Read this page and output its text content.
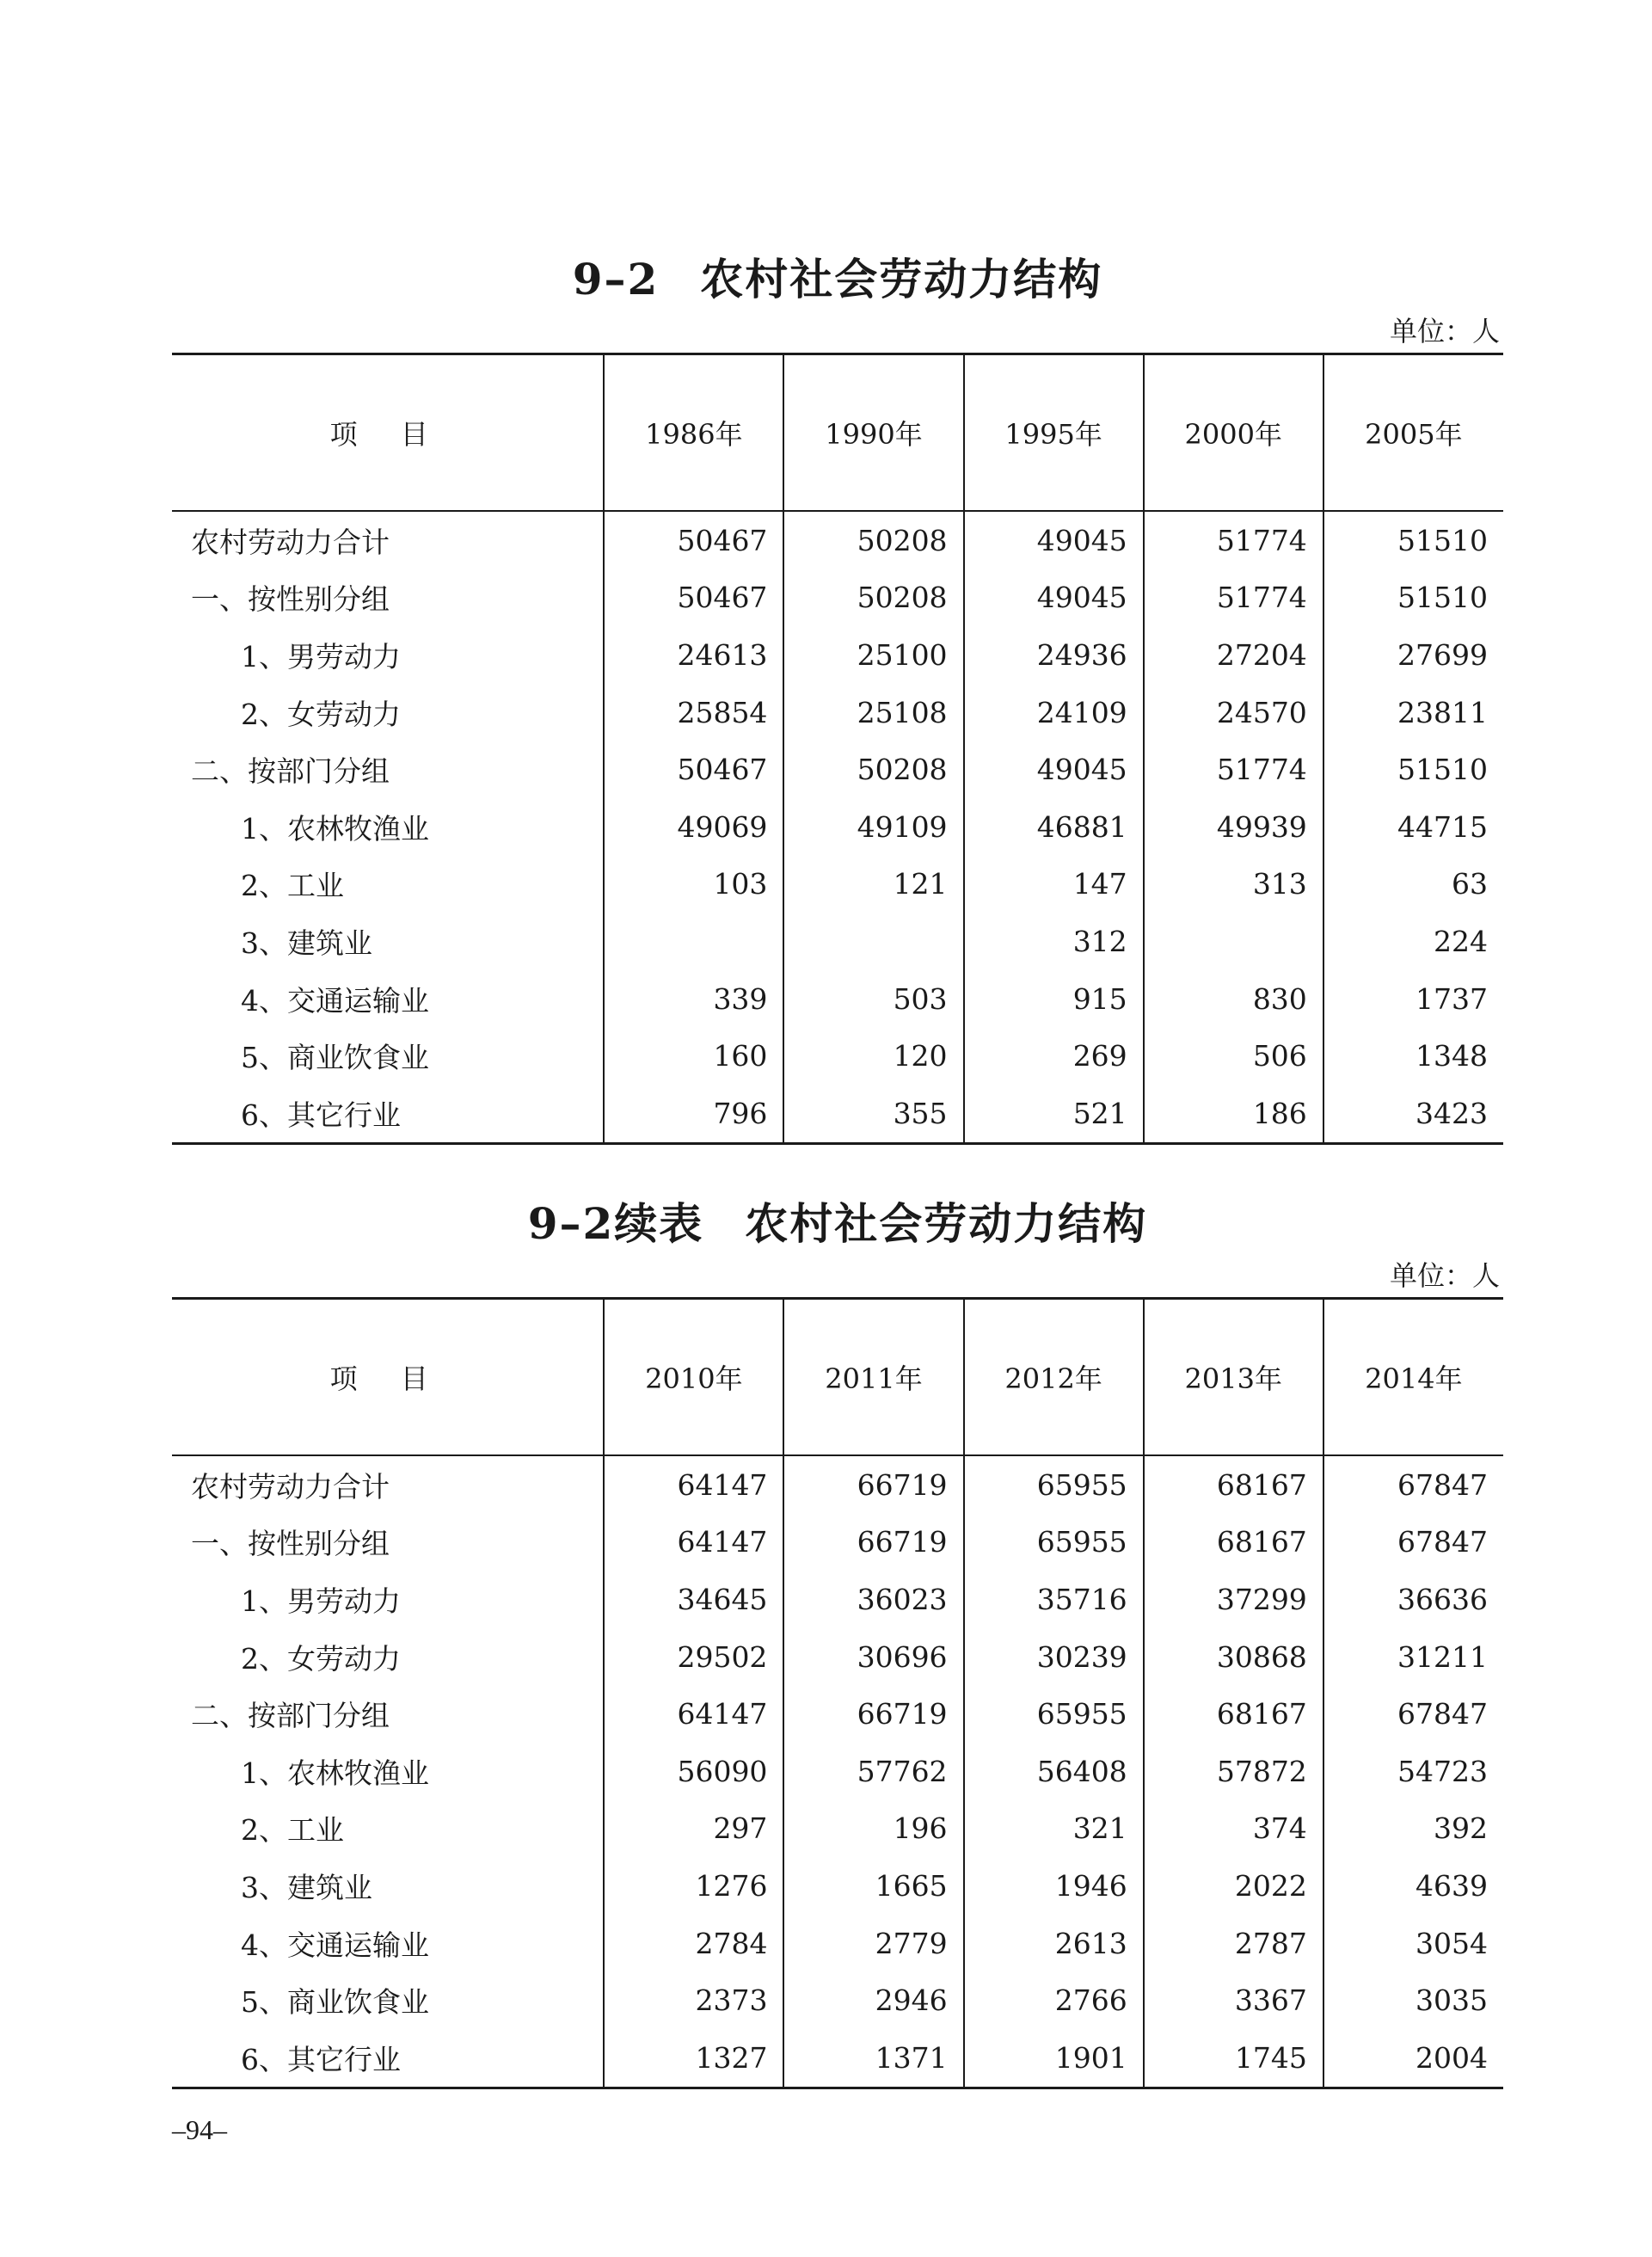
9–2 农村社会劳动力结构
单位：人
项 目	1986年	1990年	1995年	2000年	2005年
农村劳动力合计	50467	50208	49045	51774	51510
一、按性别分组	50467	50208	49045	51774	51510
1、男劳动力	24613	25100	24936	27204	27699
2、女劳动力	25854	25108	24109	24570	23811
二、按部门分组	50467	50208	49045	51774	51510
1、农林牧渔业	49069	49109	46881	49939	44715
2、工业	103	121	147	313	63
3、建筑业			312		224
4、交通运输业	339	503	915	830	1737
5、商业饮食业	160	120	269	506	1348
6、其它行业	796	355	521	186	3423
9–2续表 农村社会劳动力结构
单位：人
项 目	2010年	2011年	2012年	2013年	2014年
农村劳动力合计	64147	66719	65955	68167	67847
一、按性别分组	64147	66719	65955	68167	67847
1、男劳动力	34645	36023	35716	37299	36636
2、女劳动力	29502	30696	30239	30868	31211
二、按部门分组	64147	66719	65955	68167	67847
1、农林牧渔业	56090	57762	56408	57872	54723
2、工业	297	196	321	374	392
3、建筑业	1276	1665	1946	2022	4639
4、交通运输业	2784	2779	2613	2787	3054
5、商业饮食业	2373	2946	2766	3367	3035
6、其它行业	1327	1371	1901	1745	2004
–94–
